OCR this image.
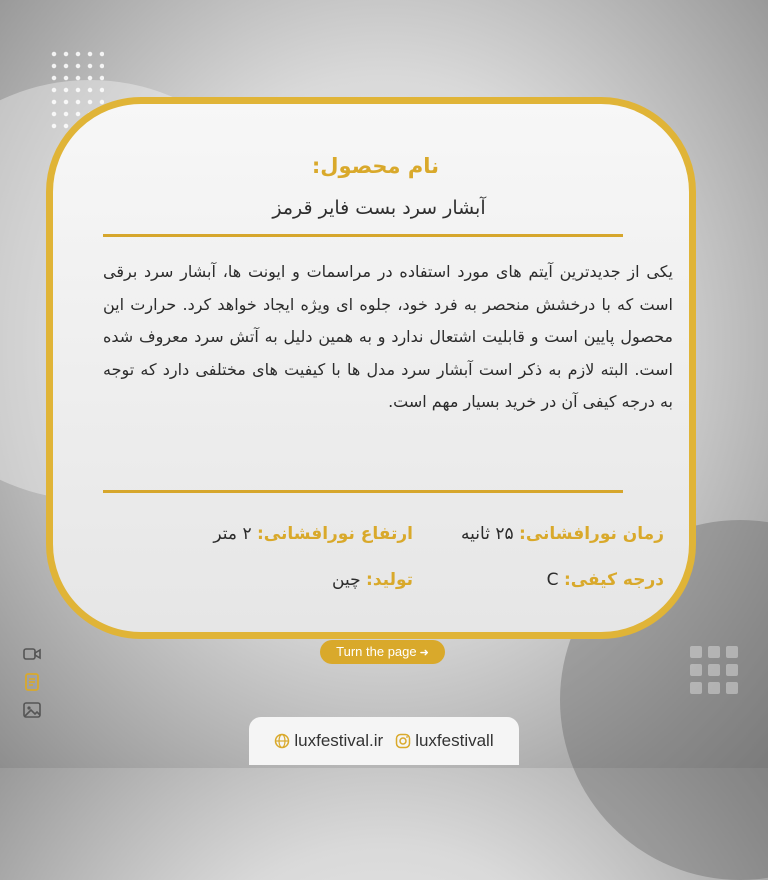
نام محصول:
آبشار سرد بست فایر قرمز
یکی از جدیدترین آیتم های مورد استفاده در مراسمات و ایونت ها، آبشار سرد برقی است که با درخشش منحصر به فرد خود، جلوه ای ویژه ایجاد خواهد کرد. حرارت این محصول پایین است و قابلیت اشتعال ندارد و به همین دلیل به آتش سرد معروف شده است. البته لازم به ذکر است آبشار سرد مدل ها با کیفیت های مختلفی دارد که توجه به درجه کیفی آن در خرید بسیار مهم است.
زمان نورافشانی: ۲۵ ثانیه
ارتفاع نورافشانی: ۲ متر
درجه کیفی: C
تولید: چین
Turn the page ➜
luxfestival.ir luxfestivall
